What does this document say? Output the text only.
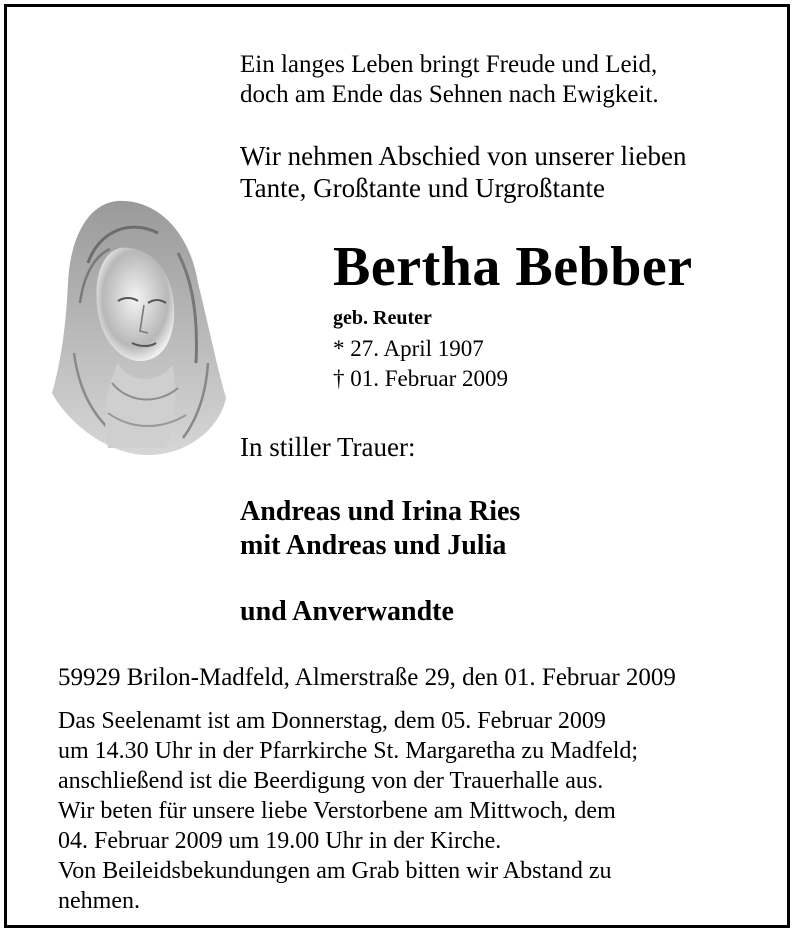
Ein langes Leben bringt Freude und Leid,
doch am Ende das Sehnen nach Ewigkeit.
Wir nehmen Abschied von unserer lieben
Tante, Großtante und Urgroßtante
Bertha Bebber
geb. Reuter
* 27. April 1907
† 01. Februar 2009
In stiller Trauer:
Andreas und Irina Ries
mit Andreas und Julia
und Anverwandte
59929 Brilon-Madfeld, Almerstraße 29, den 01. Februar 2009
Das Seelenamt ist am Donnerstag, dem 05. Februar 2009
um 14.30 Uhr in der Pfarrkirche St. Margaretha zu Madfeld;
anschließend ist die Beerdigung von der Trauerhalle aus.
Wir beten für unsere liebe Verstorbene am Mittwoch, dem
04. Februar 2009 um 19.00 Uhr in der Kirche.
Von Beileidsbekundungen am Grab bitten wir Abstand zu
nehmen.
